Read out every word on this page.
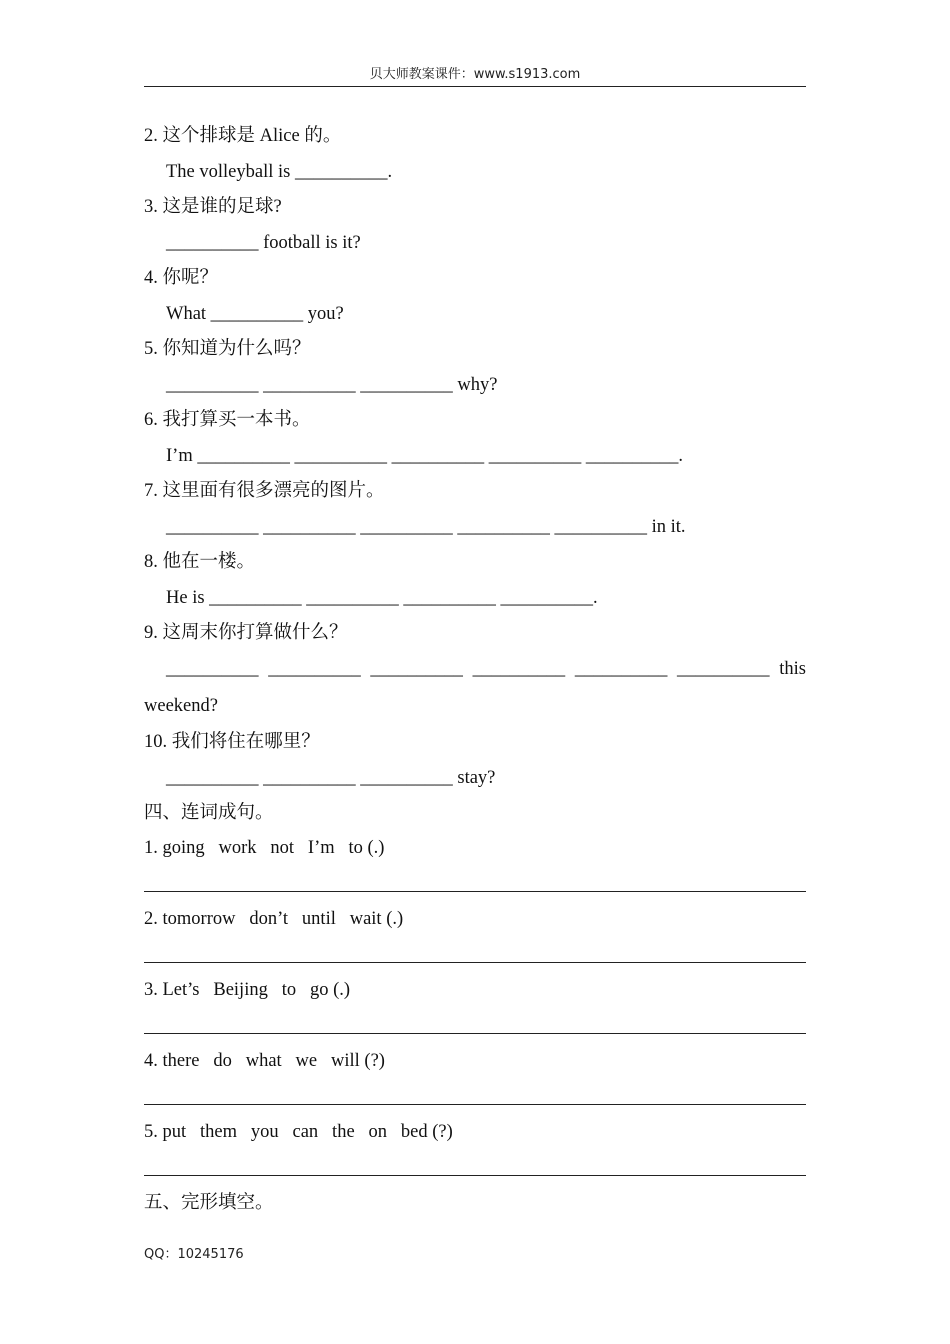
贝大师教案课件：www.s1913.com
2. 这个排球是 Alice 的。
The volleyball is __________.
3. 这是谁的足球?
__________ football is it?
4. 你呢？
What __________ you?
5. 你知道为什么吗？
__________ __________ __________ why?
6. 我打算买一本书。
I’m __________ __________ __________ __________ __________.
7. 这里面有很多漂亮的图片。
__________ __________ __________ __________ __________ in it.
8. 他在一楼。
He is __________ __________ __________ __________.
9. 这周末你打算做什么？
__________ __________ __________ __________ __________ __________ this
weekend?
10. 我们将住在哪里？
__________ __________ __________ stay?
四、连词成句。
1. going   work   not   I’m   to (.)
2. tomorrow   don’t   until   wait (.)
3. Let’s   Beijing   to   go (.)
4. there   do   what   we   will (?)
5. put   them   you   can   the   on   bed (?)
五、完形填空。
QQ：10245176
